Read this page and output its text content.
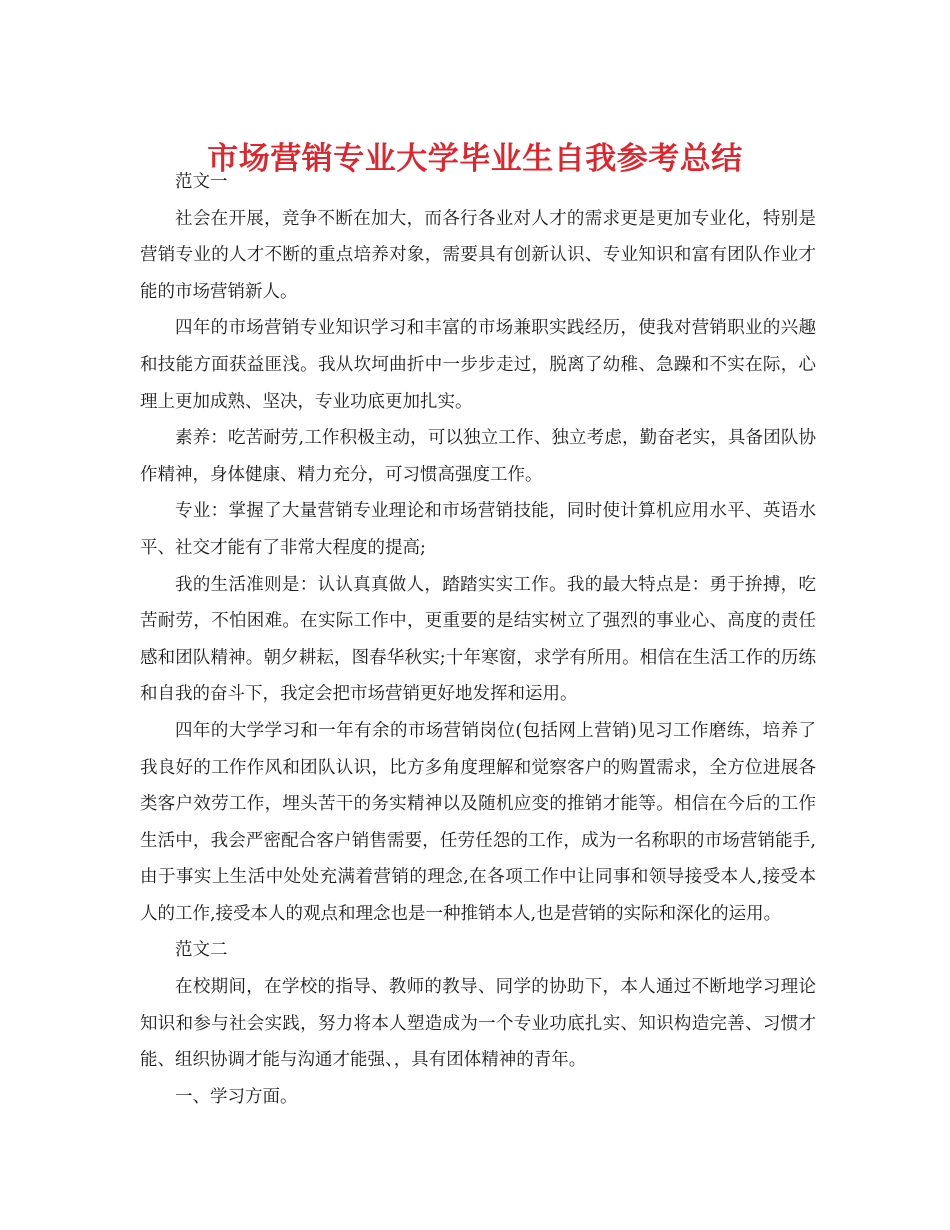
市场营销专业大学毕业生自我参考总结

范文一

社会在开展，竞争不断在加大，而各行各业对人才的需求更是更加专业化，特别是营销专业的人才不断的重点培养对象，需要具有创新认识、专业知识和富有团队作业才能的市场营销新人。

四年的市场营销专业知识学习和丰富的市场兼职实践经历，使我对营销职业的兴趣和技能方面获益匪浅。我从坎坷曲折中一步步走过，脱离了幼稚、急躁和不实在际，心理上更加成熟、坚决，专业功底更加扎实。

素养：吃苦耐劳,工作积极主动，可以独立工作、独立考虑，勤奋老实，具备团队协作精神，身体健康、精力充分，可习惯高强度工作。

专业：掌握了大量营销专业理论和市场营销技能，同时使计算机应用水平、英语水平、社交才能有了非常大程度的提高;

我的生活准则是：认认真真做人，踏踏实实工作。我的最大特点是：勇于拚搏，吃苦耐劳，不怕困难。在实际工作中，更重要的是结实树立了强烈的事业心、高度的责任感和团队精神。朝夕耕耘，图春华秋实;十年寒窗，求学有所用。相信在生活工作的历练和自我的奋斗下，我定会把市场营销更好地发挥和运用。

四年的大学学习和一年有余的市场营销岗位(包括网上营销)见习工作磨练，培养了我良好的工作作风和团队认识，比方多角度理解和觉察客户的购置需求，全方位进展各类客户效劳工作，埋头苦干的务实精神以及随机应变的推销才能等。相信在今后的工作生活中，我会严密配合客户销售需要，任劳任怨的工作，成为一名称职的市场营销能手,由于事实上生活中处处充满着营销的理念,在各项工作中让同事和领导接受本人,接受本人的工作,接受本人的观点和理念也是一种推销本人,也是营销的实际和深化的运用。

范文二

在校期间，在学校的指导、教师的教导、同学的协助下，本人通过不断地学习理论知识和参与社会实践，努力将本人塑造成为一个专业功底扎实、知识构造完善、习惯才能、组织协调才能与沟通才能强、，具有团体精神的青年。

一、学习方面。
